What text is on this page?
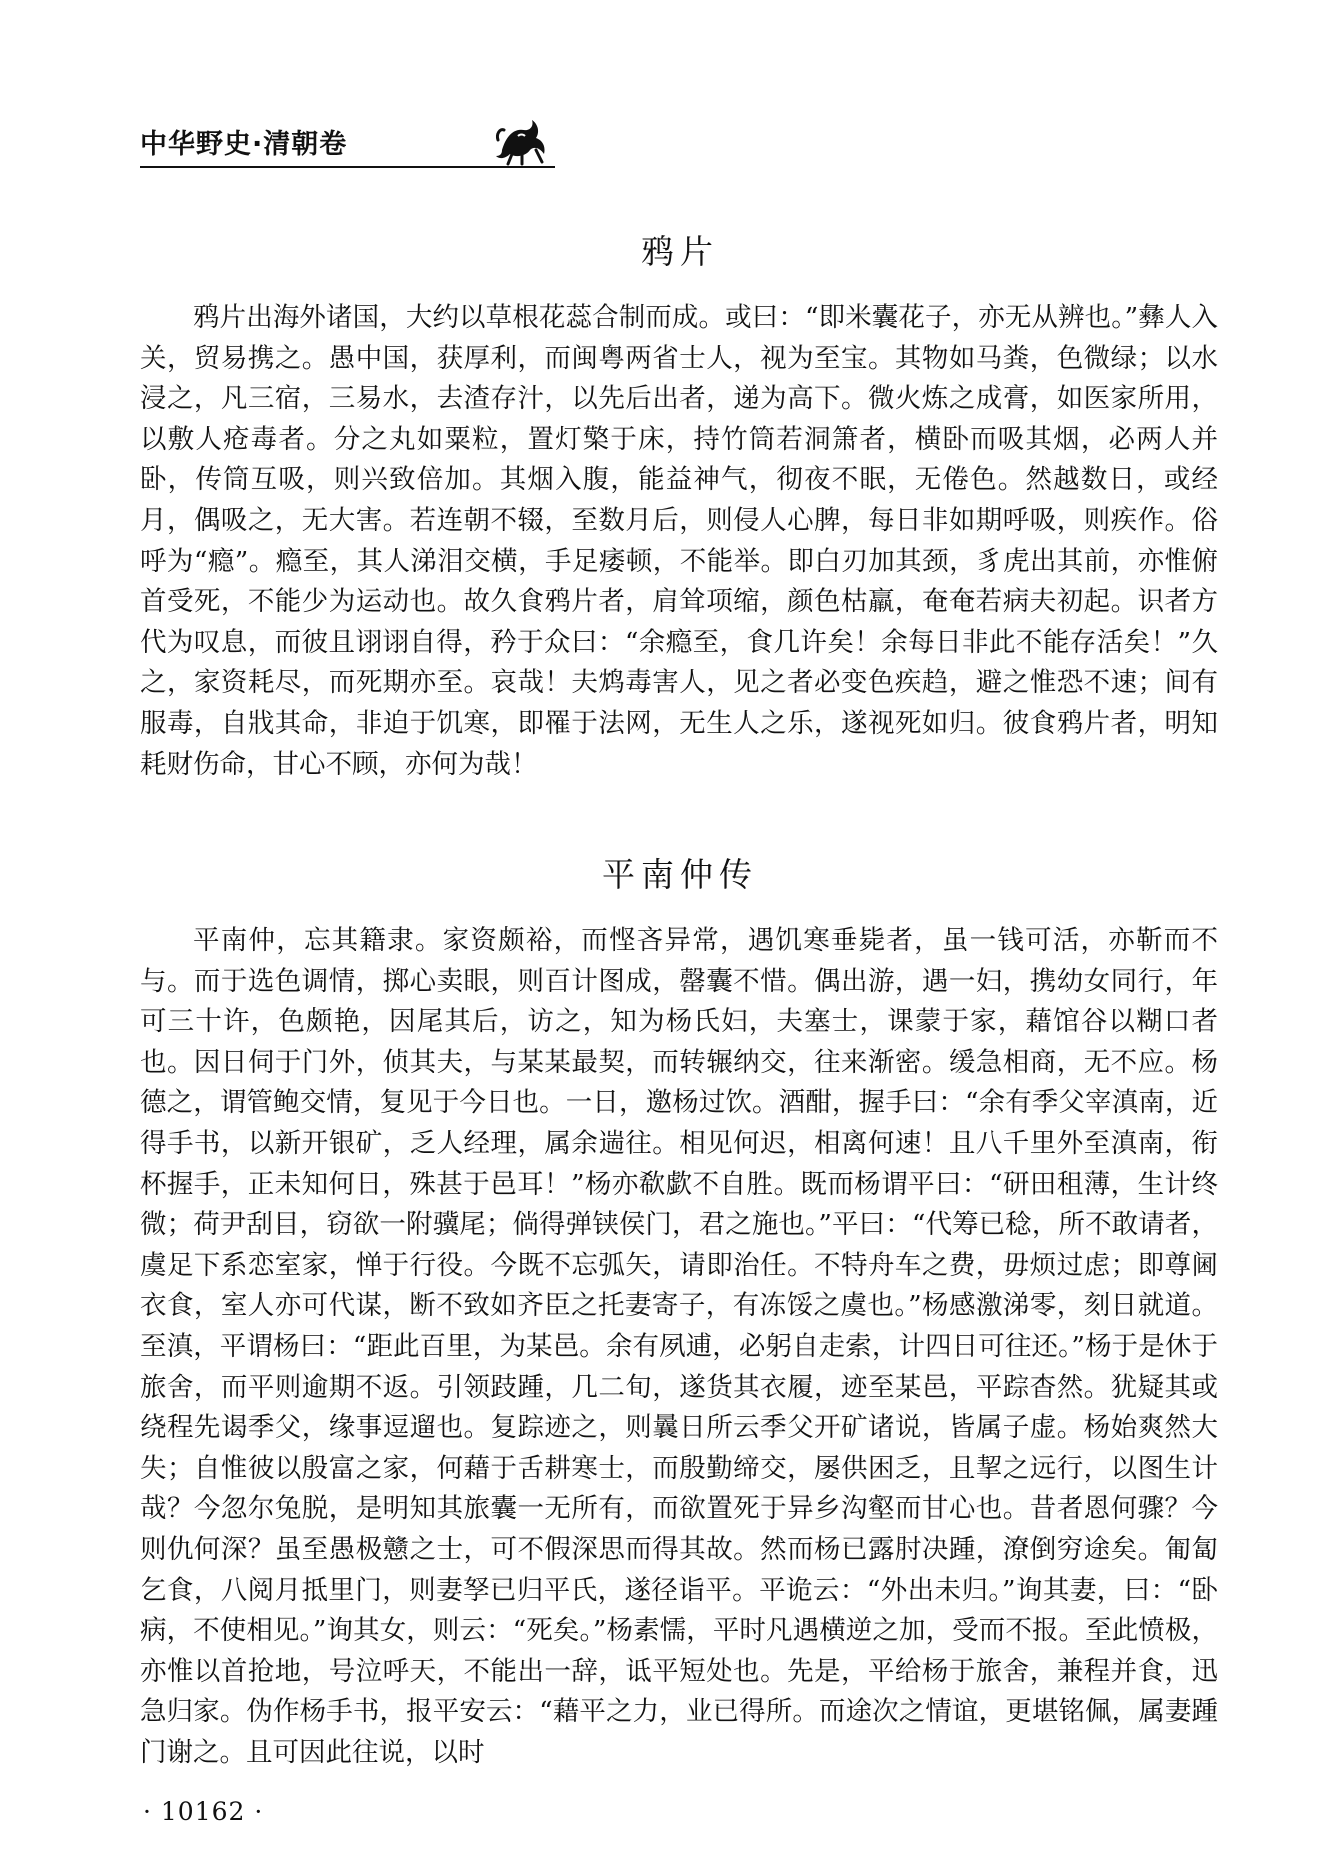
中华野史·清朝卷
鸦片

鸦片出海外诸国，大约以草根花蕊合制而成。或曰：“即米囊花子，亦无从辨也。”彝人入关，贸易携之。愚中国，获厚利，而闽粤两省士人，视为至宝。其物如马粪，色微绿；以水浸之，凡三宿，三易水，去渣存汁，以先后出者，递为高下。微火炼之成膏，如医家所用，以敷人疮毒者。分之丸如粟粒，置灯檠于床，持竹筒若洞箫者，横卧而吸其烟，必两人并卧，传筒互吸，则兴致倍加。其烟入腹，能益神气，彻夜不眠，无倦色。然越数日，或经月，偶吸之，无大害。若连朝不辍，至数月后，则侵人心脾，每日非如期呼吸，则疾作。俗呼为“瘾”。瘾至，其人涕泪交横，手足痿顿，不能举。即白刃加其颈，豸虎出其前，亦惟俯首受死，不能少为运动也。故久食鸦片者，肩耸项缩，颜色枯羸，奄奄若病夫初起。识者方代为叹息，而彼且诩诩自得，矜于众曰：“余瘾至，食几许矣！余每日非此不能存活矣！”久之，家资耗尽，而死期亦至。哀哉！夫鸩毒害人，见之者必变色疾趋，避之惟恐不速；间有服毒，自戕其命，非迫于饥寒，即罹于法网，无生人之乐，遂视死如归。彼食鸦片者，明知耗财伤命，甘心不顾，亦何为哉！

平南仲传

平南仲，忘其籍隶。家资颇裕，而悭吝异常，遇饥寒垂毙者，虽一钱可活，亦靳而不与。而于选色调情，掷心卖眼，则百计图成，罄囊不惜。偶出游，遇一妇，携幼女同行，年可三十许，色颇艳，因尾其后，访之，知为杨氏妇，夫塞士，课蒙于家，藉馆谷以糊口者也。因日伺于门外，侦其夫，与某某最契，而转辗纳交，往来渐密。缓急相商，无不应。杨德之，谓管鲍交情，复见于今日也。一日，邀杨过饮。酒酣，握手曰：“余有季父宰滇南，近得手书，以新开银矿，乏人经理，属余遄往。相见何迟，相离何速！且八千里外至滇南，衔杯握手，正未知何日，殊甚于邑耳！”杨亦欷歔不自胜。既而杨谓平曰：“研田租薄，生计终微；荷尹刮目，窃欲一附骥尾；倘得弹铗侯门，君之施也。”平曰：“代筹已稔，所不敢请者，虞足下系恋室家，惮于行役。今既不忘弧矢，请即治任。不特舟车之费，毋烦过虑；即尊阃衣食，室人亦可代谋，断不致如齐臣之托妻寄子，有冻馁之虞也。”杨感激涕零，刻日就道。至滇，平谓杨曰：“距此百里，为某邑。余有夙逋，必躬自走索，计四日可往还。”杨于是休于旅舍，而平则逾期不返。引领跂踵，几二旬，遂货其衣履，迹至某邑，平踪杳然。犹疑其或绕程先谒季父，缘事逗遛也。复踪迹之，则曩日所云季父开矿诸说，皆属子虚。杨始爽然大失；自惟彼以殷富之家，何藉于舌耕寒士，而殷勤缔交，屡供困乏，且挈之远行，以图生计哉？今忽尔兔脱，是明知其旅囊一无所有，而欲置死于异乡沟壑而甘心也。昔者恩何骤？今则仇何深？虽至愚极戆之士，可不假深思而得其故。然而杨已露肘决踵，潦倒穷途矣。匍匐乞食，八阅月抵里门，则妻孥已归平氏，遂径诣平。平诡云：“外出未归。”询其妻，曰：“卧病，不使相见。”询其女，则云：“死矣。”杨素懦，平时凡遇横逆之加，受而不报。至此愤极，亦惟以首抢地，号泣呼天，不能出一辞，诋平短处也。先是，平给杨于旅舍，兼程并食，迅急归家。伪作杨手书，报平安云：“藉平之力，业已得所。而途次之情谊，更堪铭佩，属妻踵门谢之。且可因此往说，以时

· 10162 ·
